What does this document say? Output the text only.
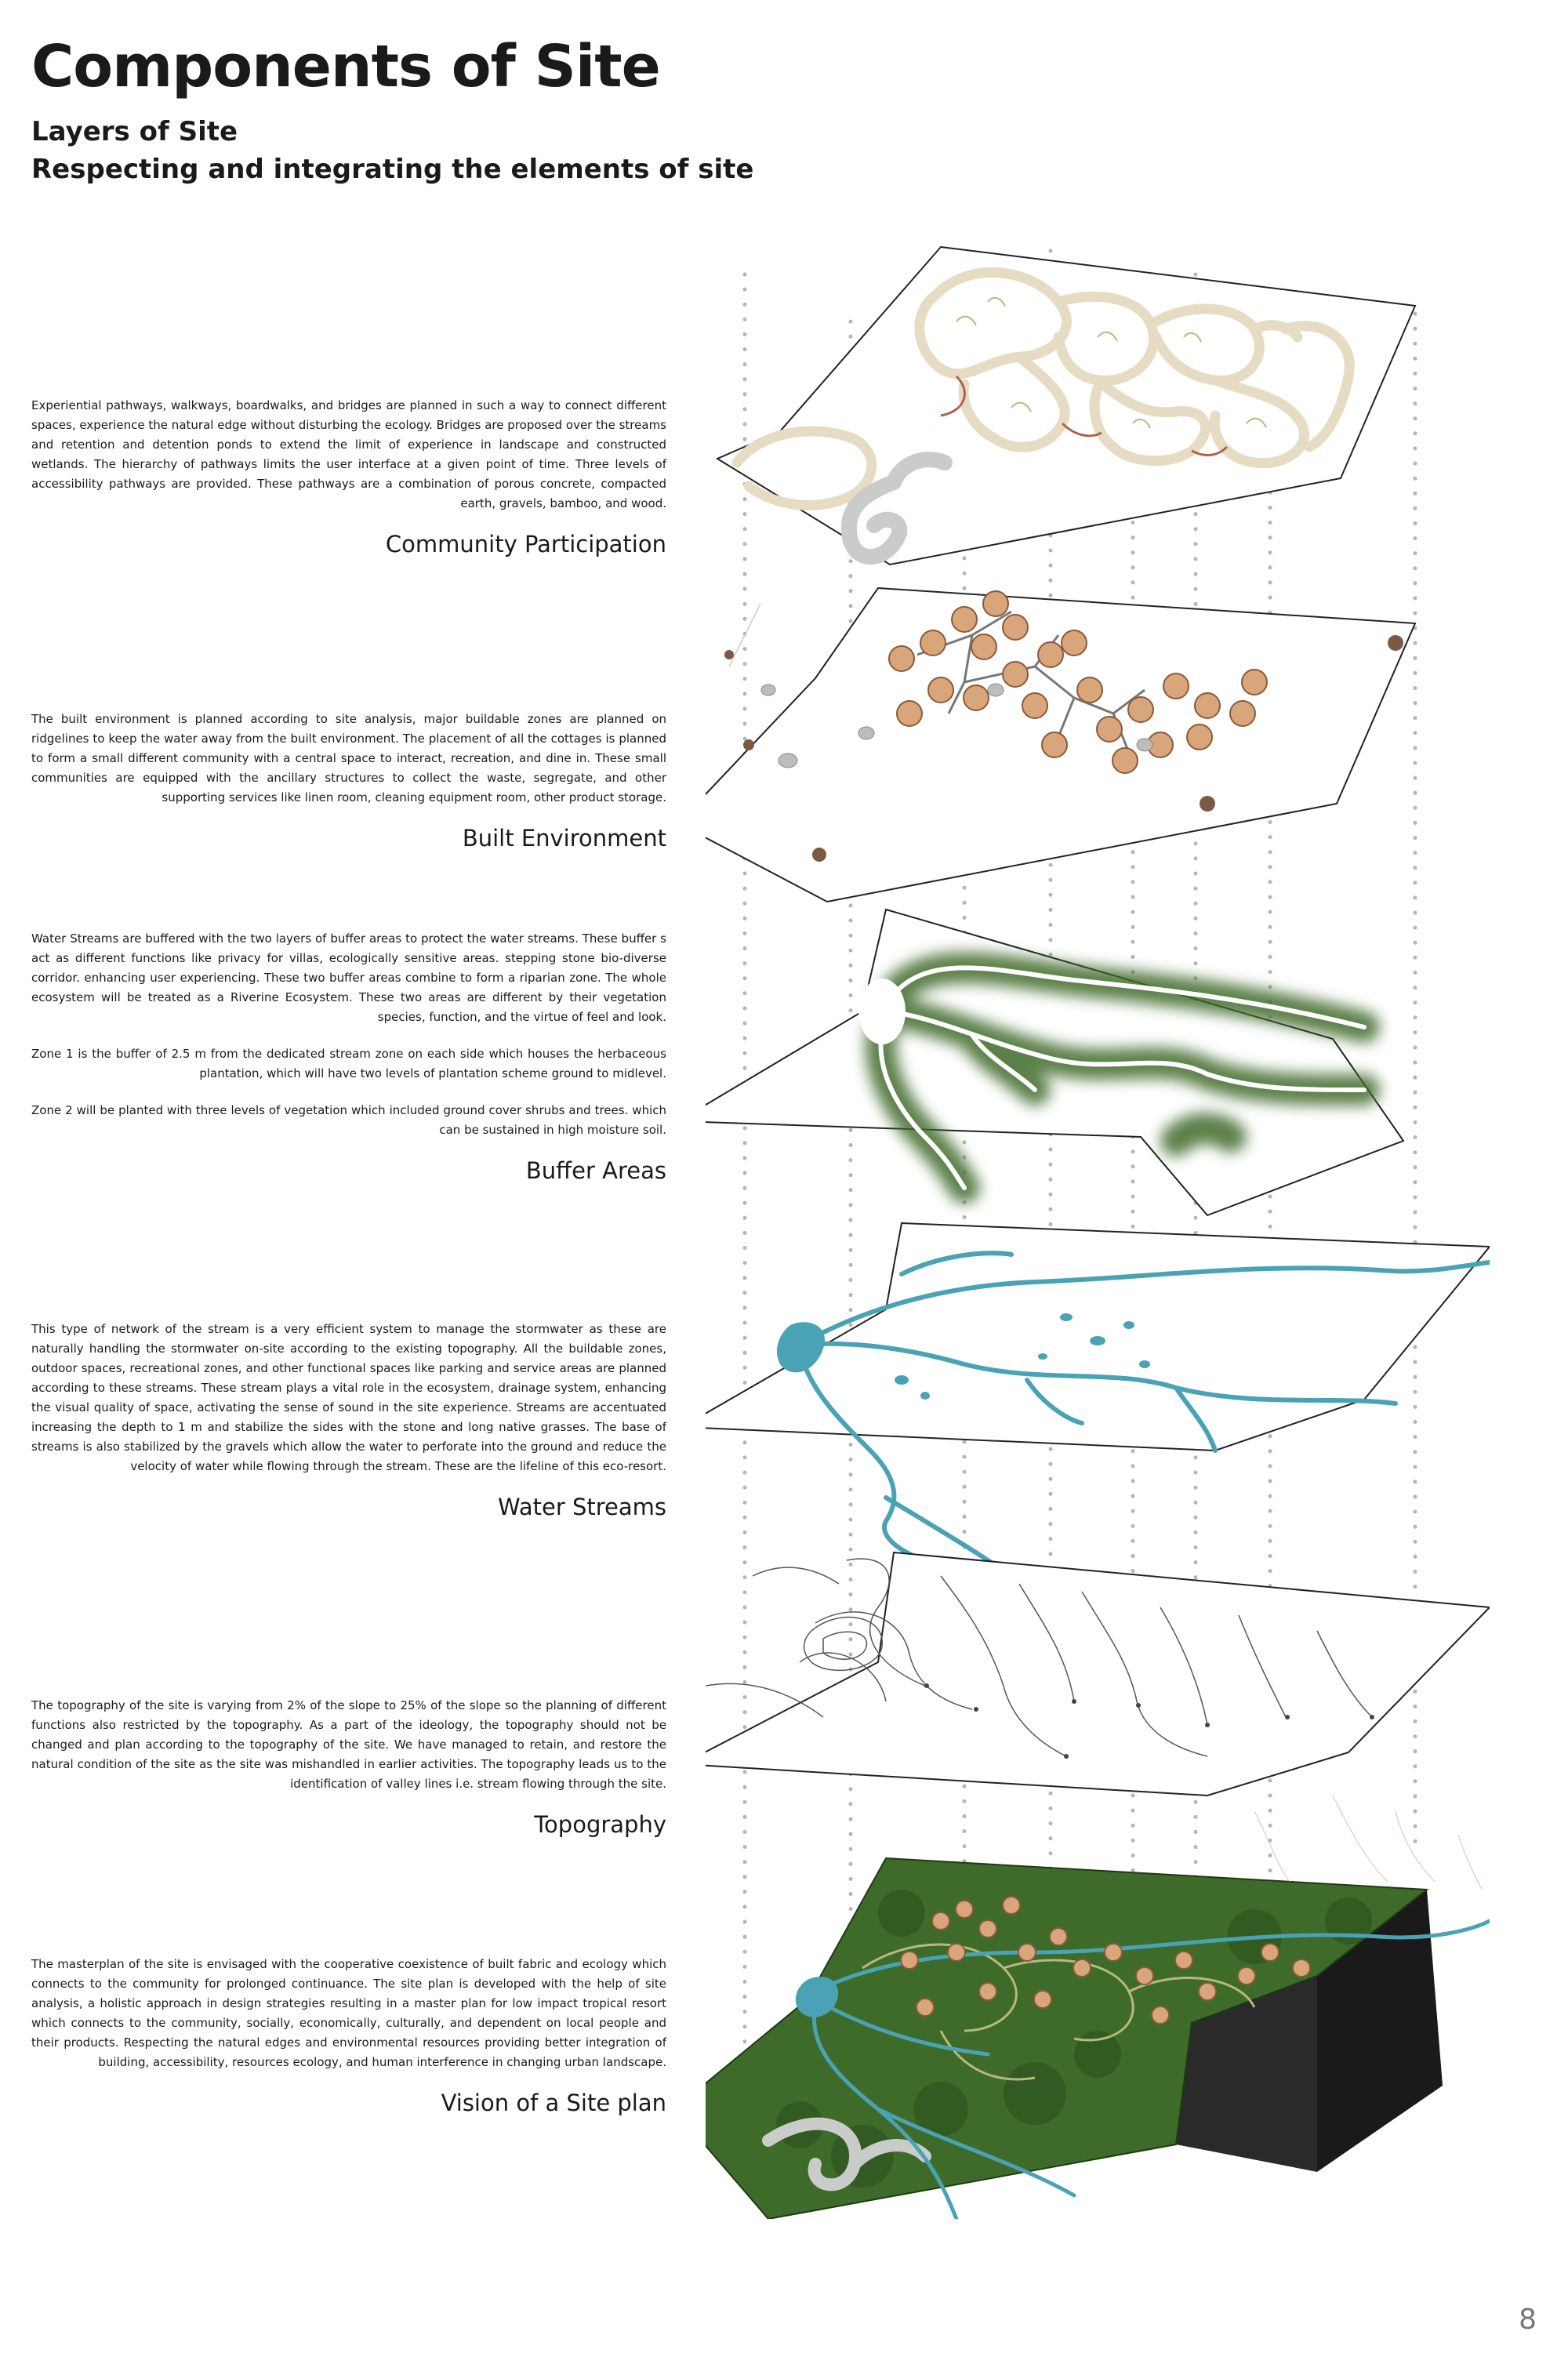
Components of Site
Layers of Site
Respecting and integrating the elements of site

Experiential pathways, walkways, boardwalks, and bridges are planned in such a way to connect different spaces, experience the natural edge without disturbing the ecology. Bridges are proposed over the streams and retention and detention ponds to extend the limit of experience in landscape and constructed wetlands. The hierarchy of pathways limits the user interface at a given point of time. Three levels of accessibility pathways are provided. These pathways are a combination of porous concrete, compacted earth, gravels, bamboo, and wood.

Community Participation

The built environment is planned according to site analysis, major buildable zones are planned on ridgelines to keep the water away from the built environment. The placement of all the cottages is planned to form a small different community with a central space to interact, recreation, and dine in. These small communities are equipped with the ancillary structures to collect the waste, segregate, and other supporting services like linen room, cleaning equipment room, other product storage.

Built Environment

Water Streams are buffered with the two layers of buffer areas to protect the water streams. These buffer s act as different functions like privacy for villas, ecologically sensitive areas. stepping stone bio-diverse corridor. enhancing user experiencing. These two buffer areas combine to form a riparian zone. The whole ecosystem will be treated as a Riverine Ecosystem. These two areas are different by their vegetation species, function, and the virtue of feel and look.

Zone 1 is the buffer of 2.5 m from the dedicated stream zone on each side which houses the herbaceous plantation, which will have two levels of plantation scheme ground to midlevel.

Zone 2 will be planted with three levels of vegetation which included ground cover shrubs and trees. which can be sustained in high moisture soil.

Buffer Areas

This type of network of the stream is a very efficient system to manage the stormwater as these are naturally handling the stormwater on-site according to the existing topography. All the buildable zones, outdoor spaces, recreational zones, and other functional spaces like parking and service areas are planned according to these streams. These stream plays a vital role in the ecosystem, drainage system, enhancing the visual quality of space, activating the sense of sound in the site experience. Streams are accentuated increasing the depth to 1 m and stabilize the sides with the stone and long native grasses. The base of streams is also stabilized by the gravels which allow the water to perforate into the ground and reduce the velocity of water while flowing through the stream. These are the lifeline of this eco-resort.

Water Streams

The topography of the site is varying from 2% of the slope to 25% of the slope so the planning of different functions also restricted by the topography. As a part of the ideology, the topography should not be changed and plan according to the topography of the site. We have managed to retain, and restore the natural condition of the site as the site was mishandled in earlier activities. The topography leads us to the identification of valley lines i.e. stream flowing through the site.

Topography

The masterplan of the site is envisaged with the cooperative coexistence of built fabric and ecology which connects to the community for prolonged continuance. The site plan is developed with the help of site analysis, a holistic approach in design strategies resulting in a master plan for low impact tropical resort which connects to the community, socially, economically, culturally, and dependent on local people and their products. Respecting the natural edges and environmental resources providing better integration of building, accessibility, resources ecology, and human interference in changing urban landscape.

Vision of a Site plan
8
